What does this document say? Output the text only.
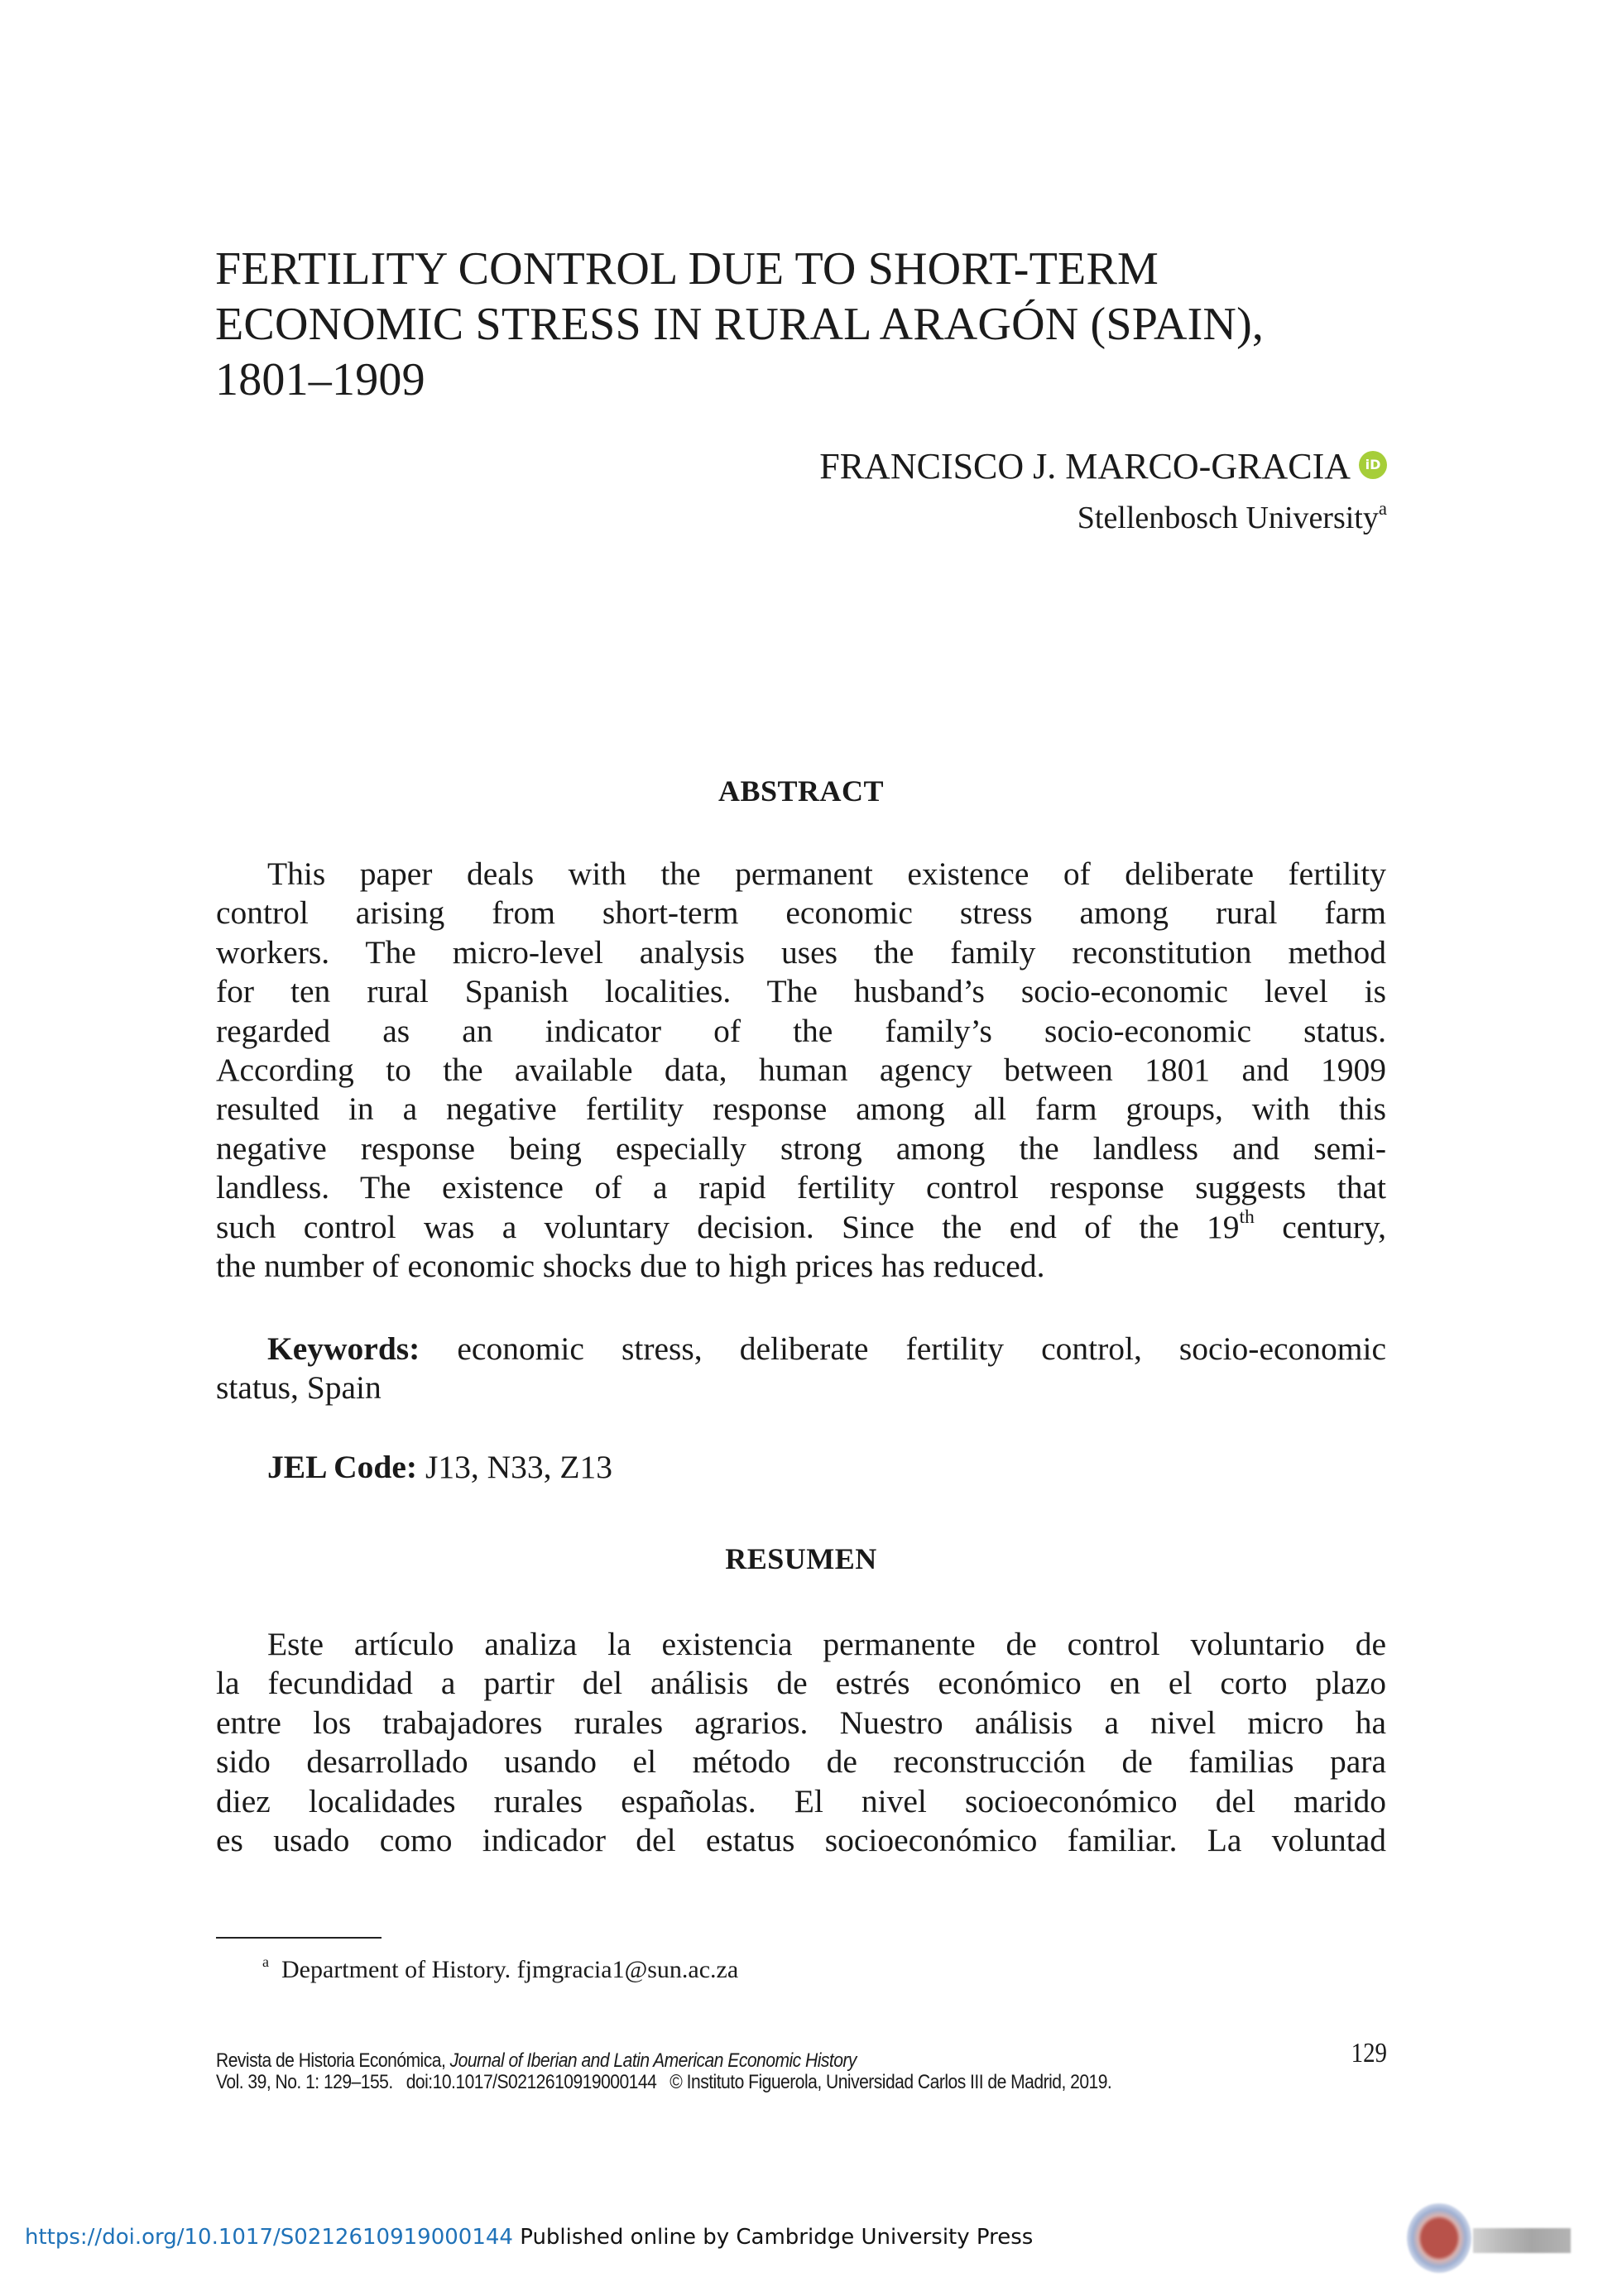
FERTILITY CONTROL DUE TO SHORT-TERM
ECONOMIC STRESS IN RURAL ARAGÓN (SPAIN),
1801–1909
FRANCISCO J. MARCO-GRACIA	iD
Stellenbosch University$^a$
ABSTRACT
This paper deals with the permanent existence of deliberate fertility
control arising from short-term economic stress among rural farm
workers. The micro-level analysis uses the family reconstitution method
for ten rural Spanish localities. The husband’s socio-economic level is
regarded as an indicator of the family’s socio-economic status.
According to the available data, human agency between 1801 and 1909
resulted in a negative fertility response among all farm groups, with this
negative response being especially strong among the landless and semi-
landless. The existence of a rapid fertility control response suggests that
such control was a voluntary decision. Since the end of the 19th century,
the number of economic shocks due to high prices has reduced.
Keywords: economic stress, deliberate fertility control, socio-economic
status, Spain
JEL Code: J13, N33, Z13
RESUMEN
Este artículo analiza la existencia permanente de control voluntario de
la fecundidad a partir del análisis de estrés económico en el corto plazo
entre los trabajadores rurales agrarios. Nuestro análisis a nivel micro ha
sido desarrollado usando el método de reconstrucción de familias para
diez localidades rurales españolas. El nivel socioeconómico del marido
es usado como indicador del estatus socioeconómico familiar. La voluntad
$^a$ Department of History. fjmgracia1@sun.ac.za
Revista de Historia Económica, Journal of Iberian and Latin American Economic History
Vol. 39, No. 1: 129–155.   doi:10.1017/S0212610919000144   © Instituto Figuerola, Universidad Carlos III de Madrid, 2019.
129
https://doi.org/10.1017/S0212610919000144 Published online by Cambridge University Press
